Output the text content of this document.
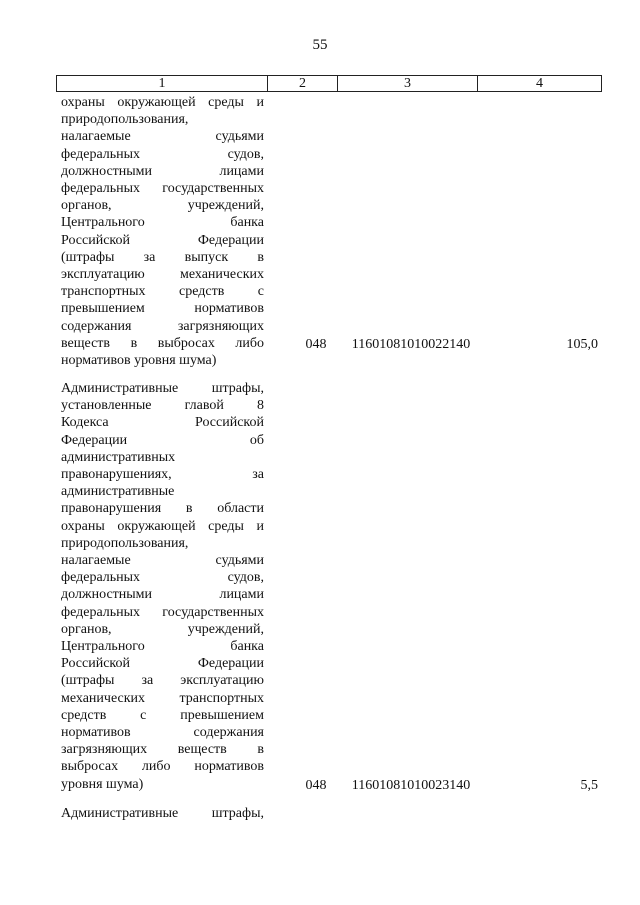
55
1	2	3	4
охраны окружающей среды и
природопользования,
налагаемые судьями
федеральных судов,
должностными лицами
федеральных государственных
органов, учреждений,
Центрального банка
Российской Федерации
(штрафы за выпуск в
эксплуатацию механических
транспортных средств с
превышением нормативов
содержания загрязняющих
веществ в выбросах либо
нормативов уровня шума)
048	11601081010022140	105,0
Административные штрафы,
установленные главой 8
Кодекса Российской
Федерации об
административных
правонарушениях, за
административные
правонарушения в области
охраны окружающей среды и
природопользования,
налагаемые судьями
федеральных судов,
должностными лицами
федеральных государственных
органов, учреждений,
Центрального банка
Российской Федерации
(штрафы за эксплуатацию
механических транспортных
средств с превышением
нормативов содержания
загрязняющих веществ в
выбросах либо нормативов
уровня шума)	048	11601081010023140	5,5
Административные штрафы,
